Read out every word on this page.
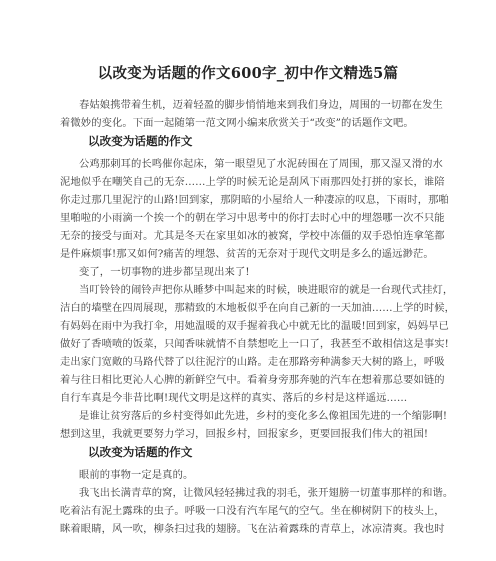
以改变为话题的作文600字_初中作文精选5篇
春姑娘携带着生机，迈着轻盈的脚步悄悄地来到我们身边，周围的一切都在发生
着微妙的变化。下面一起随第一范文网小编来欣赏关于“改变”的话题作文吧。
以改变为话题的作文
公鸡那刺耳的长鸣催你起床，第一眼望见了水泥砖围在了周围，那又湿又滑的水
泥地似乎在嘲笑自己的无奈……上学的时候无论是刮风下雨那四处打拼的家长，谁陪
你走过那几里泥泞的山路!回到家，那阴暗的小屋给人一种凄凉的叹息，下雨时，那啪
里啪啦的小雨滴一个挨一个的朝在学习中思考中的你打去时心中的埋怨哪一次不只能
无奈的接受与面对。尤其是冬天在家里如冰的被窝，学校中冻僵的双手恐怕连拿笔都
是件麻烦事!那又如何?痛苦的埋怨、贫苦的无奈对于现代文明是多么的遥远渺茫。
变了，一切事物的进步都呈现出来了!
当叮铃铃的闹铃声把你从睡梦中叫起来的时候，映进眼帘的就是一台现代式挂灯，
洁白的墙壁在四周展现，那精致的木地板似乎在向自己新的一天加油……上学的时候，
有妈妈在雨中为我打伞，用她温暖的双手握着我心中就无比的温暖!回到家，妈妈早已
做好了香喷喷的饭菜，只闻香味就情不自禁想吃上一口了，我甚至不敢相信这是事实!
走出家门宽敞的马路代替了以往泥泞的山路。走在那路旁种满参天大树的路上，呼吸
着与往日相比更沁人心脾的新鲜空气中。看着身旁那奔驰的汽车在想着那总要如链的
自行车真是今非昔比啊!现代文明是这样的真实、落后的乡村是这样遥远……
是谁让贫穷落后的乡村变得如此先进，乡村的变化多么像祖国先进的一个缩影啊!
想到这里，我就更要努力学习，回报乡村，回报家乡，更要回报我们伟大的祖国!
以改变为话题的作文
眼前的事物一定是真的。
我飞出长满青草的窝，让微风轻轻拂过我的羽毛，张开翅膀一切董事那样的和谐。
吃着沾有泥土露珠的虫子。呼吸一口没有汽车尾气的空气。坐在柳树阴下的枝头上，
眯着眼睛，风一吹，柳条扫过我的翅膀。飞在沾着露珠的青草上，冰凉清爽。我也时
